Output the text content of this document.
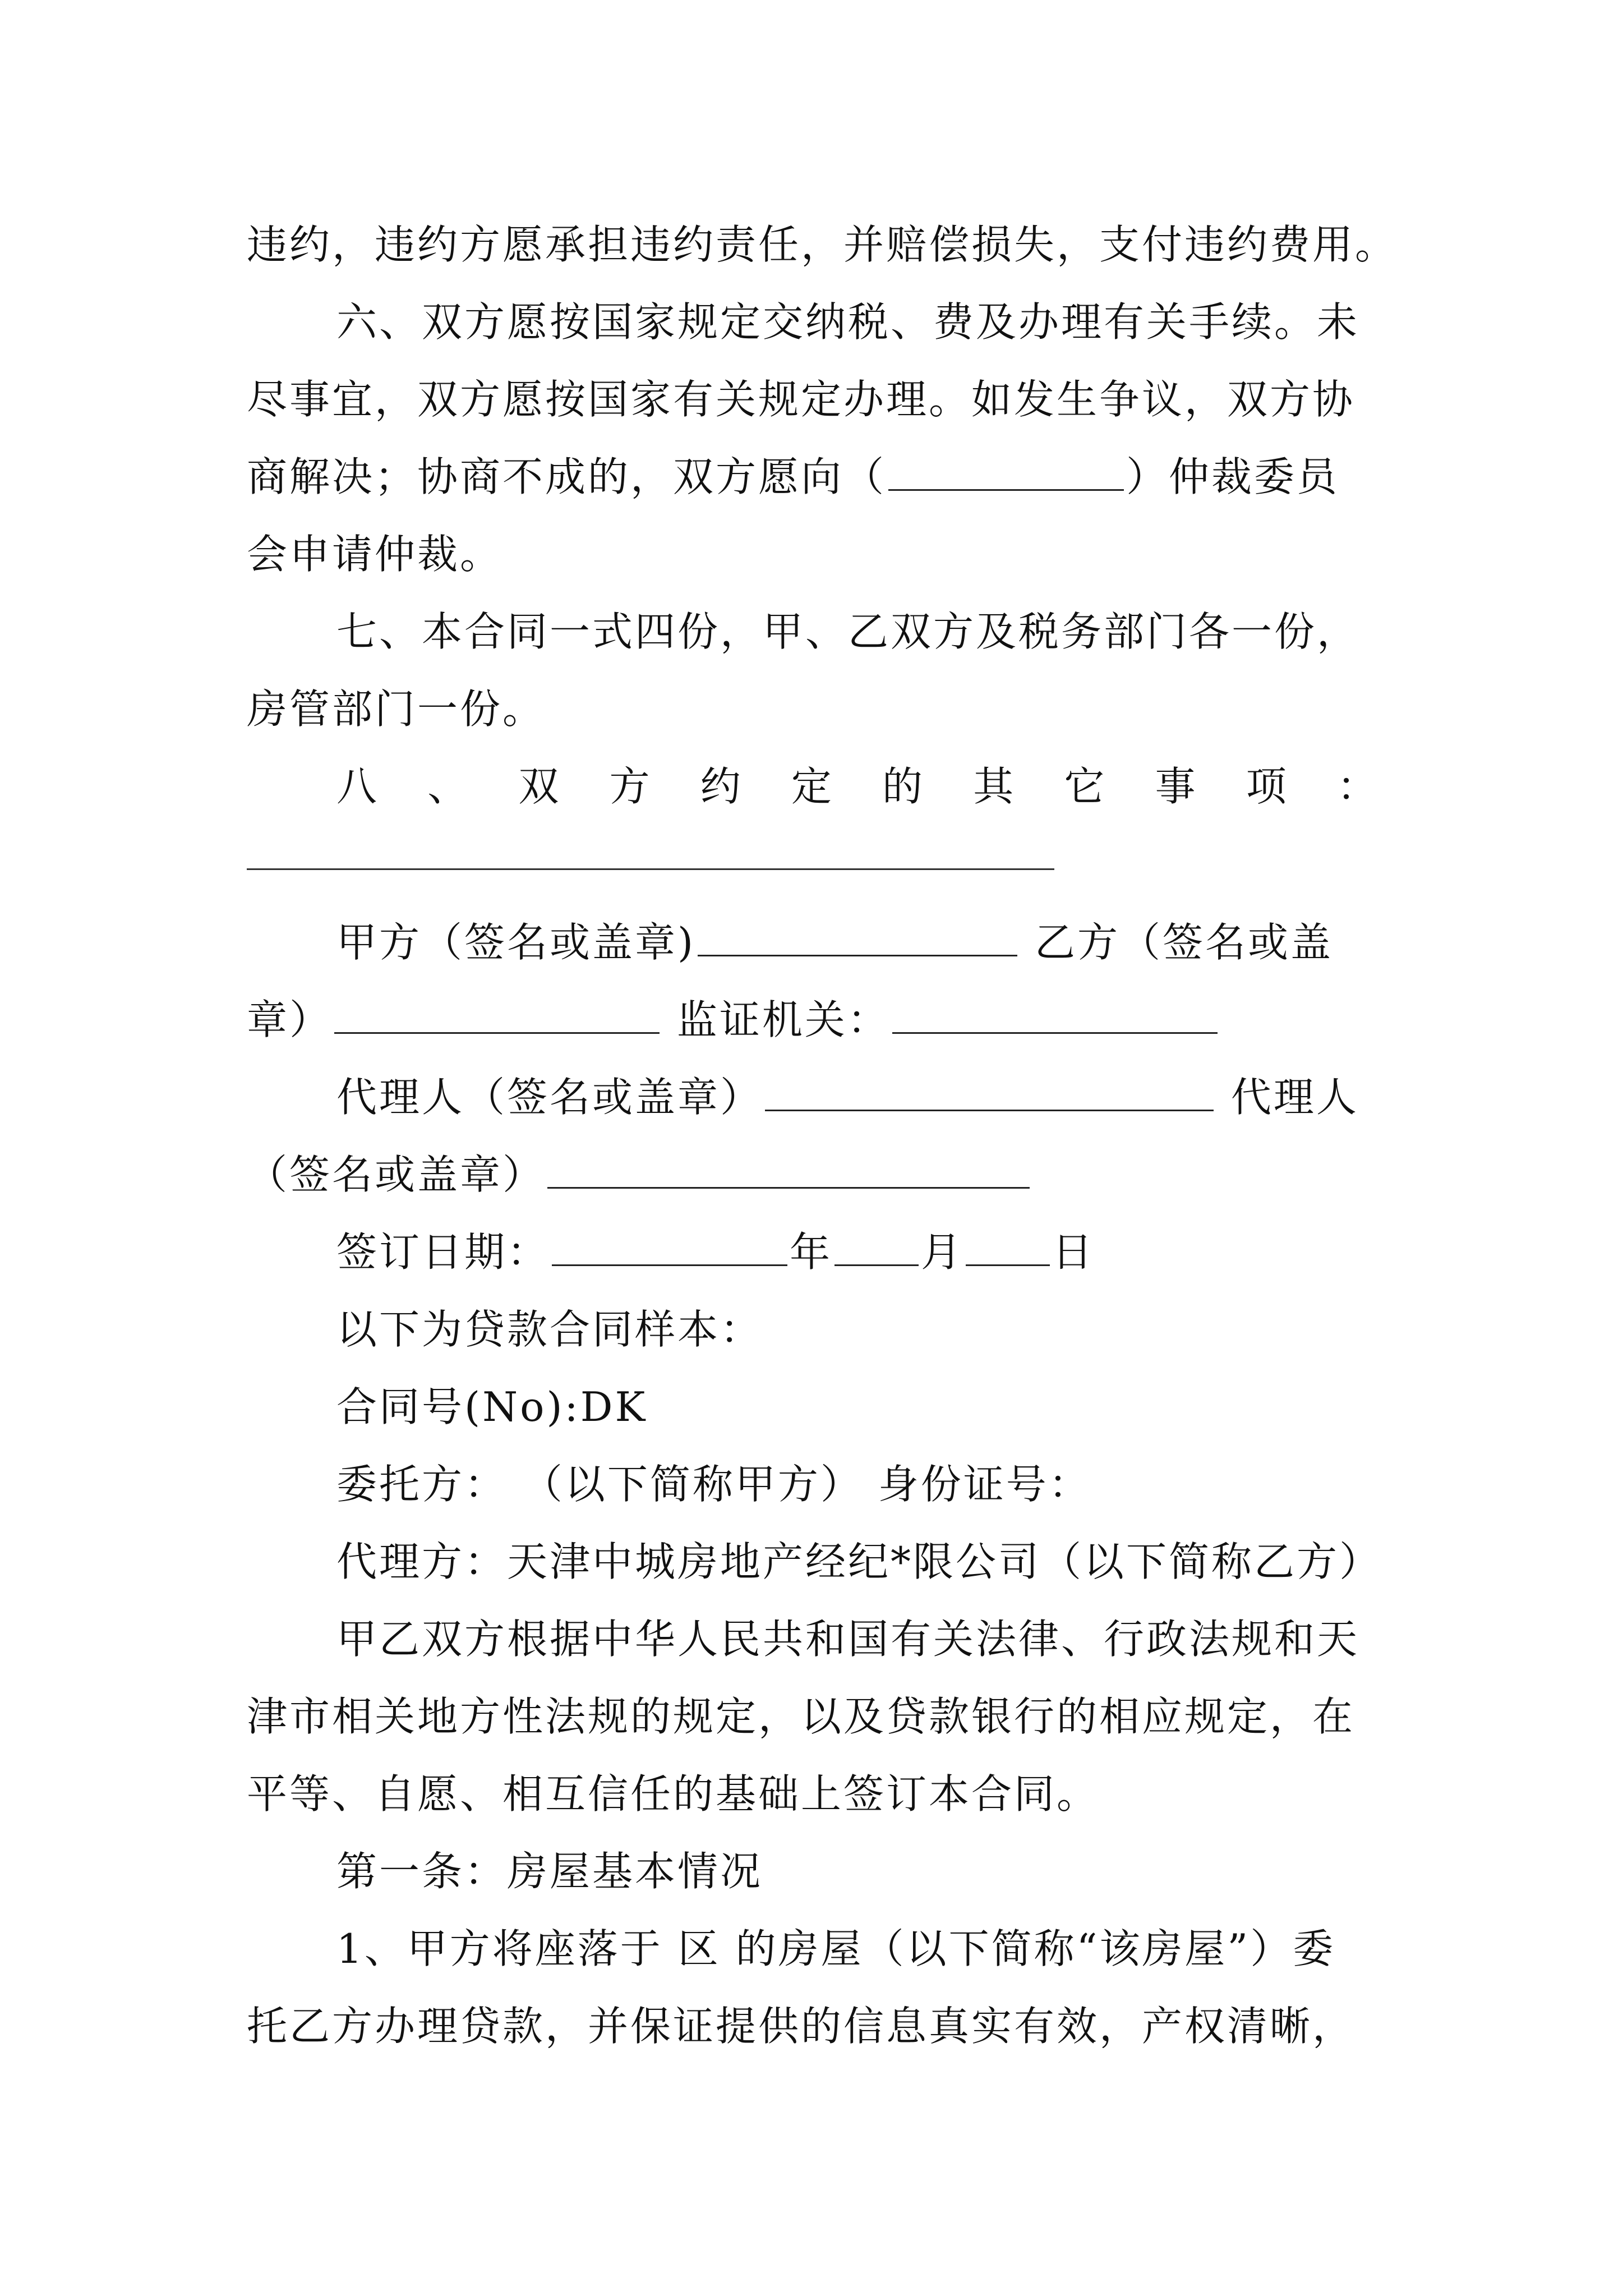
违约，违约方愿承担违约责任，并赔偿损失，支付违约费用。
六、双方愿按国家规定交纳税、费及办理有关手续。未
尽事宜，双方愿按国家有关规定办理。如发生争议，双方协
商解决；协商不成的，双方愿向（	）仲裁委员
会申请仲裁。
七、本合同一式四份，甲、乙双方及税务部门各一份，
房管部门一份。
八 、 双 方 约 定 的 其 它 事 项 ：
甲方（签名或盖章)	乙方（签名或盖
章）	监证机关：
代理人（签名或盖章）	代理人
（签名或盖章）
签订日期：	年 月 日
以下为贷款合同样本：
合同号(No):DK
委托方： （以下简称甲方） 身份证号：
代理方：天津中城房地产经纪*限公司（以下简称乙方）
甲乙双方根据中华人民共和国有关法律、行政法规和天
津市相关地方性法规的规定，以及贷款银行的相应规定，在
平等、自愿、相互信任的基础上签订本合同。
第一条：房屋基本情况
1、甲方将座落于 区 的房屋（以下简称“该房屋”）委
托乙方办理贷款，并保证提供的信息真实有效，产权清晰，
